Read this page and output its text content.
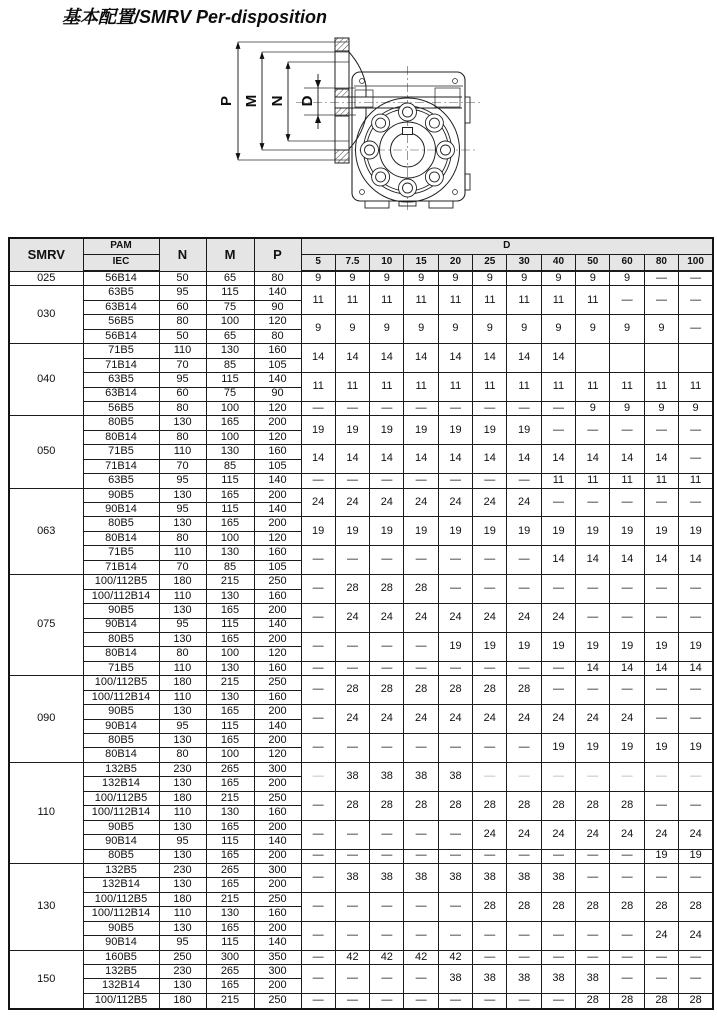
基本配置/SMRV Per-disposition
P M N D
SMRV	PAM	N	M	P	D											
	IEC				5	7.5	10	15	20	25	30	40	50	60	80	100
025	56B14	50	65	80	9	9	9	9	9	9	9	9	9	9	—	—
030	63B5	95	115	140	11	11	11	11	11	11	11	11	11	—	—	—
	63B14	60	75	90												
	56B5	80	100	120	9	9	9	9	9	9	9	9	9	9	9	—
	56B14	50	65	80												
040	71B5	110	130	160	14	14	14	14	14	14	14	14				
	71B14	70	85	105												
	63B5	95	115	140	11	11	11	11	11	11	11	11	11	11	11	11
	63B14	60	75	90												
	56B5	80	100	120	—	—	—	—	—	—	—	—	9	9	9	9
050	80B5	130	165	200	19	19	19	19	19	19	19	—	—	—	—	—
	80B14	80	100	120												
	71B5	110	130	160	14	14	14	14	14	14	14	14	14	14	14	—
	71B14	70	85	105												
	63B5	95	115	140	—	—	—	—	—	—	—	11	11	11	11	11
063	90B5	130	165	200	24	24	24	24	24	24	24	—	—	—	—	—
	90B14	95	115	140												
	80B5	130	165	200	19	19	19	19	19	19	19	19	19	19	19	19
	80B14	80	100	120												
	71B5	110	130	160	—	—	—	—	—	—	—	14	14	14	14	14
	71B14	70	85	105												
075	100/112B5	180	215	250	—	28	28	28	—	—	—	—	—	—	—	—
	100/112B14	110	130	160												
	90B5	130	165	200	—	24	24	24	24	24	24	24	—	—	—	—
	90B14	95	115	140												
	80B5	130	165	200	—	—	—	—	19	19	19	19	19	19	19	19
	80B14	80	100	120												
	71B5	110	130	160	—	—	—	—	—	—	—	—	14	14	14	14
090	100/112B5	180	215	250	—	28	28	28	28	28	28	—	—	—	—	—
	100/112B14	110	130	160												
	90B5	130	165	200	—	24	24	24	24	24	24	24	24	24	—	—
	90B14	95	115	140												
	80B5	130	165	200	—	—	—	—	—	—	—	19	19	19	19	19
	80B14	80	100	120												
110	132B5	230	265	300	—	38	38	38	38	—	—	—	—	—	—	—
	132B14	130	165	200												
	100/112B5	180	215	250	—	28	28	28	28	28	28	28	28	28	—	—
	100/112B14	110	130	160												
	90B5	130	165	200	—	—	—	—	—	24	24	24	24	24	24	24
	90B14	95	115	140												
	80B5	130	165	200	—	—	—	—	—	—	—	—	—	—	19	19
130	132B5	230	265	300	—	38	38	38	38	38	38	38	—	—	—	—
	132B14	130	165	200												
	100/112B5	180	215	250	—	—	—	—	—	28	28	28	28	28	28	28
	100/112B14	110	130	160												
	90B5	130	165	200	—	—	—	—	—	—	—	—	—	—	24	24
	90B14	95	115	140												
150	160B5	250	300	350	—	42	42	42	42	—	—	—	—	—	—	—
	132B5	230	265	300	—	—	—	—	38	38	38	38	38	—	—	—
	132B14	130	165	200												
	100/112B5	180	215	250	—	—	—	—	—	—	—	—	28	28	28	28
